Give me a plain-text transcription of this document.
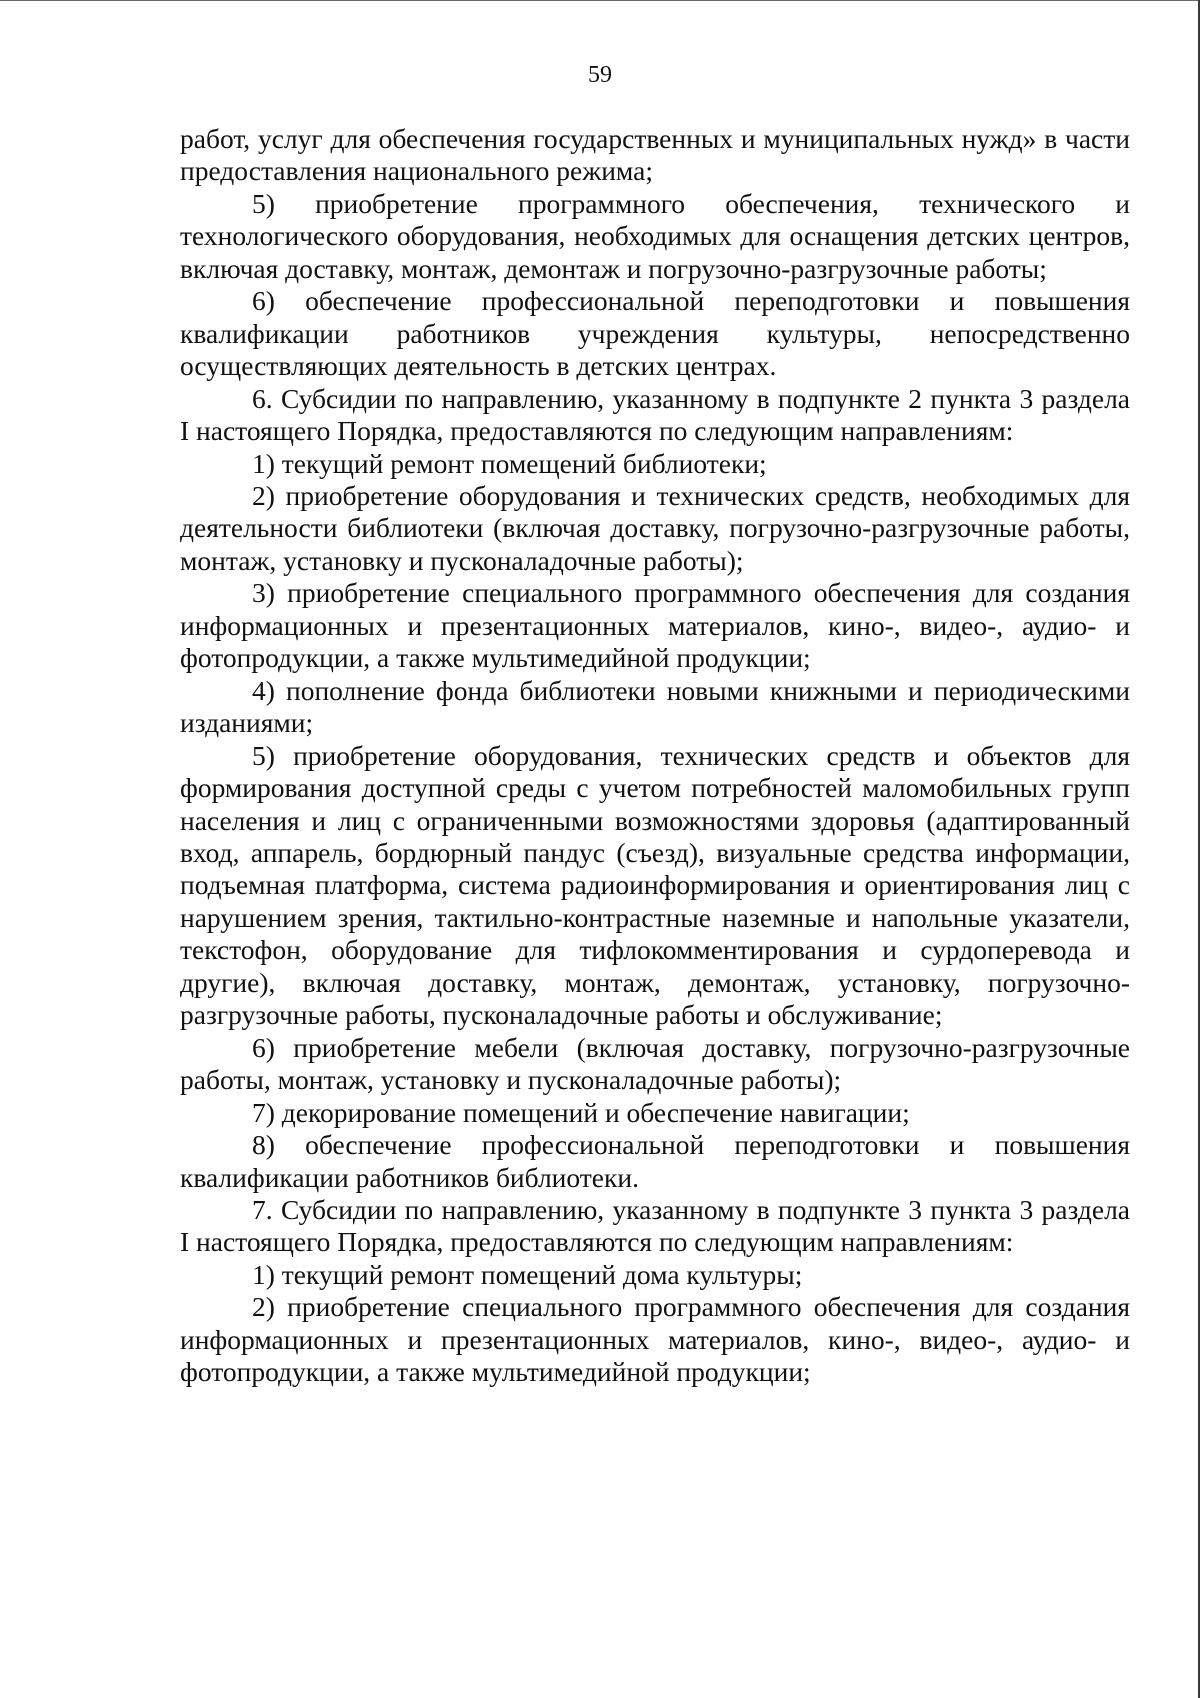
59

работ, услуг для обеспечения государственных и муниципальных нужд» в части предоставления национального режима;

5) приобретение программного обеспечения, технического и технологического оборудования, необходимых для оснащения детских центров, включая доставку, монтаж, демонтаж и погрузочно-разгрузочные работы;

6) обеспечение профессиональной переподготовки и повышения квалификации работников учреждения культуры, непосредственно осуществляющих деятельность в детских центрах.

6. Субсидии по направлению, указанному в подпункте 2 пункта 3 раздела I настоящего Порядка, предоставляются по следующим направлениям:

1) текущий ремонт помещений библиотеки;

2) приобретение оборудования и технических средств, необходимых для деятельности библиотеки (включая доставку, погрузочно-разгрузочные работы, монтаж, установку и пусконаладочные работы);

3) приобретение специального программного обеспечения для создания информационных и презентационных материалов, кино-, видео-, аудио- и фотопродукции, а также мультимедийной продукции;

4) пополнение фонда библиотеки новыми книжными и периодическими изданиями;

5) приобретение оборудования, технических средств и объектов для формирования доступной среды с учетом потребностей маломобильных групп населения и лиц с ограниченными возможностями здоровья (адаптированный вход, аппарель, бордюрный пандус (съезд), визуальные средства информации, подъемная платформа, система радиоинформирования и ориентирования лиц с нарушением зрения, тактильно-контрастные наземные и напольные указатели, текстофон, оборудование для тифлокомментирования и сурдоперевода и другие), включая доставку, монтаж, демонтаж, установку, погрузочно-разгрузочные работы, пусконаладочные работы и обслуживание;

6) приобретение мебели (включая доставку, погрузочно-разгрузочные работы, монтаж, установку и пусконаладочные работы);

7) декорирование помещений и обеспечение навигации;

8) обеспечение профессиональной переподготовки и повышения квалификации работников библиотеки.

7. Субсидии по направлению, указанному в подпункте 3 пункта 3 раздела I настоящего Порядка, предоставляются по следующим направлениям:

1) текущий ремонт помещений дома культуры;

2) приобретение специального программного обеспечения для создания информационных и презентационных материалов, кино-, видео-, аудио- и фотопродукции, а также мультимедийной продукции;
